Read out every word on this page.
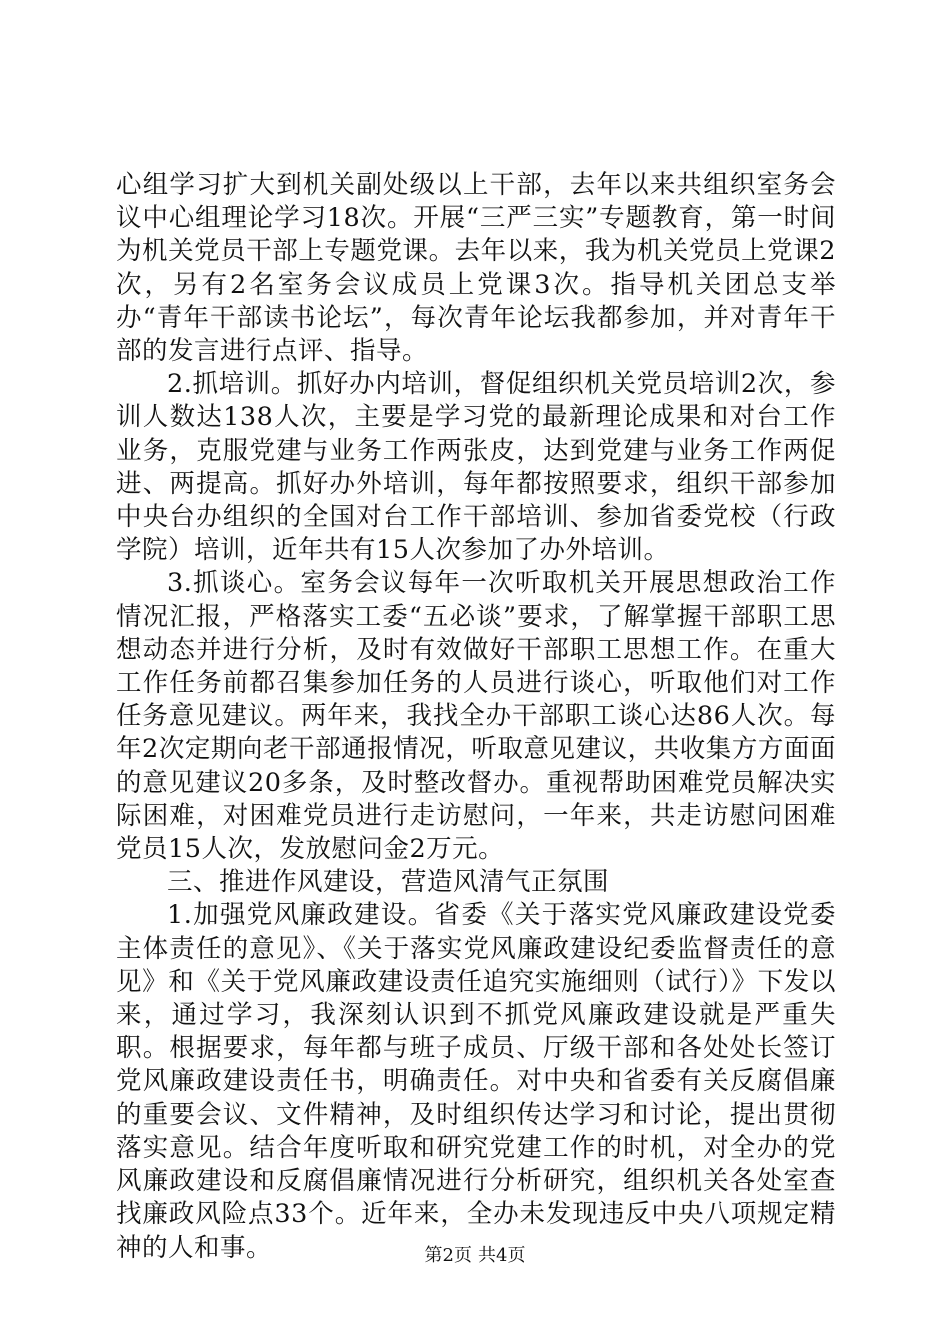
心组学习扩大到机关副处级以上干部，去年以来共组织室务会议中心组理论学习18次。开展“三严三实”专题教育，第一时间为机关党员干部上专题党课。去年以来，我为机关党员上党课2次，另有2名室务会议成员上党课3次。指导机关团总支举办“青年干部读书论坛”，每次青年论坛我都参加，并对青年干部的发言进行点评、指导。

2.抓培训。抓好办内培训，督促组织机关党员培训2次，参训人数达138人次，主要是学习党的最新理论成果和对台工作业务，克服党建与业务工作两张皮，达到党建与业务工作两促进、两提高。抓好办外培训，每年都按照要求，组织干部参加中央台办组织的全国对台工作干部培训、参加省委党校（行政学院）培训，近年共有15人次参加了办外培训。

3.抓谈心。室务会议每年一次听取机关开展思想政治工作情况汇报，严格落实工委“五必谈”要求，了解掌握干部职工思想动态并进行分析，及时有效做好干部职工思想工作。在重大工作任务前都召集参加任务的人员进行谈心，听取他们对工作任务意见建议。两年来，我找全办干部职工谈心达86人次。每年2次定期向老干部通报情况，听取意见建议，共收集方方面面的意见建议20多条，及时整改督办。重视帮助困难党员解决实际困难，对困难党员进行走访慰问，一年来，共走访慰问困难党员15人次，发放慰问金2万元。

三、推进作风建设，营造风清气正氛围

1.加强党风廉政建设。省委《关于落实党风廉政建设党委主体责任的意见》、《关于落实党风廉政建设纪委监督责任的意见》和《关于党风廉政建设责任追究实施细则（试行）》下发以来，通过学习，我深刻认识到不抓党风廉政建设就是严重失职。根据要求，每年都与班子成员、厅级干部和各处处长签订党风廉政建设责任书，明确责任。对中央和省委有关反腐倡廉的重要会议、文件精神，及时组织传达学习和讨论，提出贯彻落实意见。结合年度听取和研究党建工作的时机，对全办的党风廉政建设和反腐倡廉情况进行分析研究，组织机关各处室查找廉政风险点33个。近年来，全办未发现违反中央八项规定精神的人和事。	第2页 共4页
